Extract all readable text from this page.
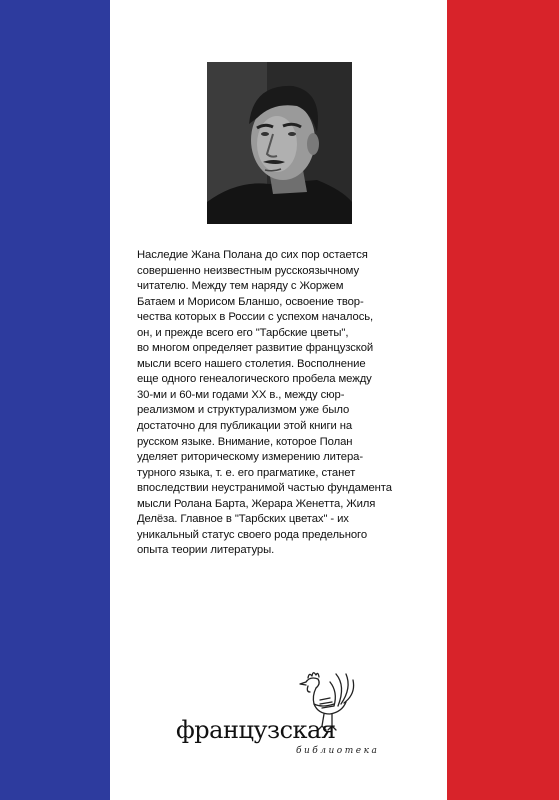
Наследие Жана Полана до сих пор остается
совершенно неизвестным русскоязычному
читателю. Между тем наряду с Жоржем
Батаем и Морисом Бланшо, освоение твор-
чества которых в России с успехом началось,
он, и прежде всего его "Тарбские цветы",
во многом определяет развитие французской
мысли всего нашего столетия. Восполнение
еще одного генеалогического пробела между
30-ми и 60-ми годами XX в., между сюр-
реализмом и структурализмом уже было
достаточно для публикации этой книги на
русском языке. Внимание, которое Полан
уделяет риторическому измерению литера-
турного языка, т. е. его прагматике, станет
впоследствии неустранимой частью фундамента
мысли Ролана Барта, Жерара Женетта, Жиля
Делёза. Главное в "Тарбских цветах" - их
уникальный статус своего рода предельного
опыта теории литературы.
французская
библиотека
